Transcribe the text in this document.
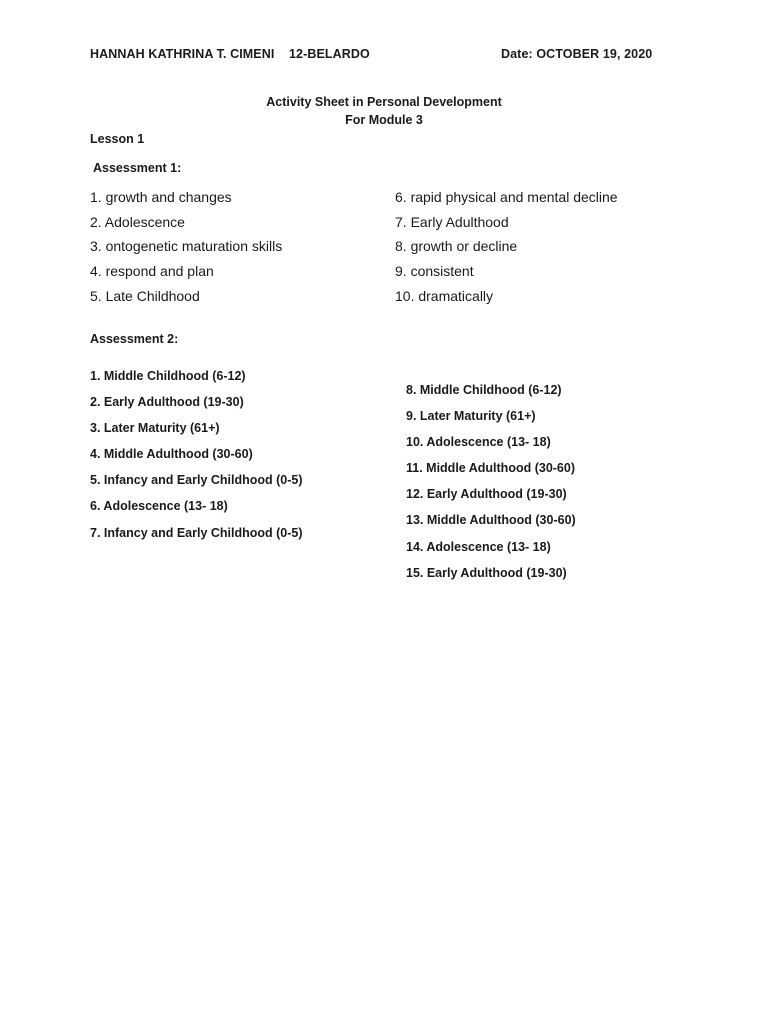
HANNAH KATHRINA T. CIMENI 12-BELARDO	Date: OCTOBER 19, 2020
Activity Sheet in Personal Development
For Module 3
Lesson 1
Assessment 1:
1. growth and changes
2. Adolescence
3. ontogenetic maturation skills
4. respond and plan
5. Late Childhood
6. rapid physical and mental decline
7. Early Adulthood
8. growth or decline
9. consistent
10. dramatically
Assessment 2:
1. Middle Childhood (6-12)
2. Early Adulthood (19-30)
3. Later Maturity (61+)
4. Middle Adulthood (30-60)
5. Infancy and Early Childhood (0-5)
6. Adolescence (13- 18)
7. Infancy and Early Childhood (0-5)
8. Middle Childhood (6-12)
9. Later Maturity (61+)
10. Adolescence (13- 18)
11. Middle Adulthood (30-60)
12. Early Adulthood (19-30)
13. Middle Adulthood (30-60)
14. Adolescence (13- 18)
15. Early Adulthood (19-30)
